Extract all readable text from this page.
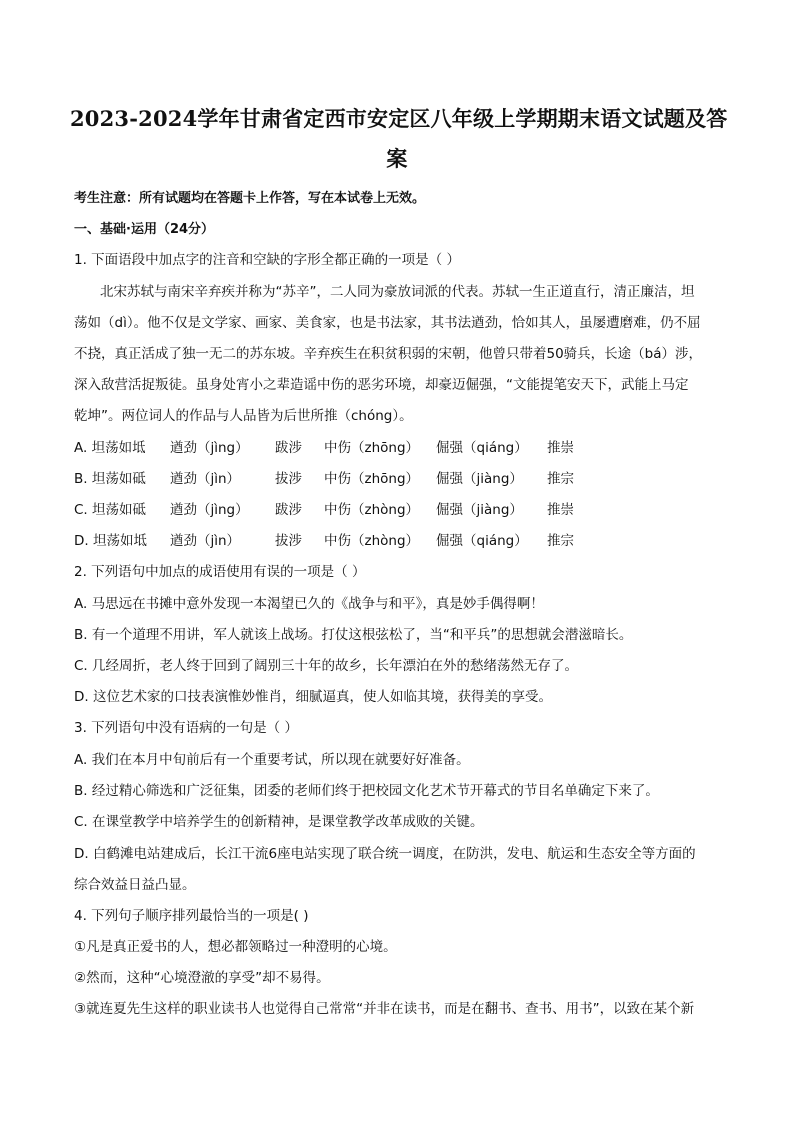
2023-2024学年甘肃省定西市安定区八年级上学期期末语文试题及答
案
考生注意：所有试题均在答题卡上作答，写在本试卷上无效。
一、基础·运用（24分）
1. 下面语段中加点字的注音和空缺的字形全都正确的一项是（ ）
北宋苏轼与南宋辛弃疾并称为“苏辛”，二人同为豪放词派的代表。苏轼一生正道直行，清正廉洁，坦
荡如（dì）。他不仅是文学家、画家、美食家，也是书法家，其书法遒劲，恰如其人，虽屡遭磨难，仍不屈
不挠，真正活成了独一无二的苏东坡。辛弃疾生在积贫积弱的宋朝，他曾只带着50骑兵，长途（bá）涉，
深入敌营活捉叛徒。虽身处宵小之辈造谣中伤的恶劣环境，却豪迈倔强，“文能提笔安天下，武能上马定
乾坤”。两位词人的作品与人品皆为后世所推（chóng）。
A. 坦荡如坻 遒劲（jìng） 跋涉 中伤（zhōng） 倔强（qiáng） 推崇
B. 坦荡如砥 遒劲（jìn）	拔涉 中伤（zhōng） 倔强（jiàng） 推宗
C. 坦荡如砥 遒劲（jìng） 跋涉 中伤（zhòng） 倔强（jiàng） 推崇
D. 坦荡如坻 遒劲（jìn）	拔涉 中伤（zhòng） 倔强（qiáng） 推宗
2. 下列语句中加点的成语使用有误的一项是（ ）
A. 马思远在书摊中意外发现一本渴望已久的《战争与和平》，真是妙手偶得啊！
B. 有一个道理不用讲，军人就该上战场。打仗这根弦松了，当“和平兵”的思想就会潜滋暗长。
C. 几经周折，老人终于回到了阔别三十年的故乡，长年漂泊在外的愁绪荡然无存了。
D. 这位艺术家的口技表演惟妙惟肖，细腻逼真，使人如临其境，获得美的享受。
3. 下列语句中没有语病的一句是（ ）
A. 我们在本月中旬前后有一个重要考试，所以现在就要好好准备。
B. 经过精心筛选和广泛征集，团委的老师们终于把校园文化艺术节开幕式的节目名单确定下来了。
C. 在课堂教学中培养学生的创新精神，是课堂教学改革成败的关键。
D. 白鹤滩电站建成后，长江干流6座电站实现了联合统一调度，在防洪，发电、航运和生态安全等方面的
综合效益日益凸显。
4. 下列句子顺序排列最恰当的一项是( )
①凡是真正爱书的人，想必都领略过一种澄明的心境。
②然而，这种“心境澄澈的享受”却不易得。
③就连夏先生这样的职业读书人也觉得自己常常“并非在读书，而是在翻书、查书、用书”，以致在某个新
